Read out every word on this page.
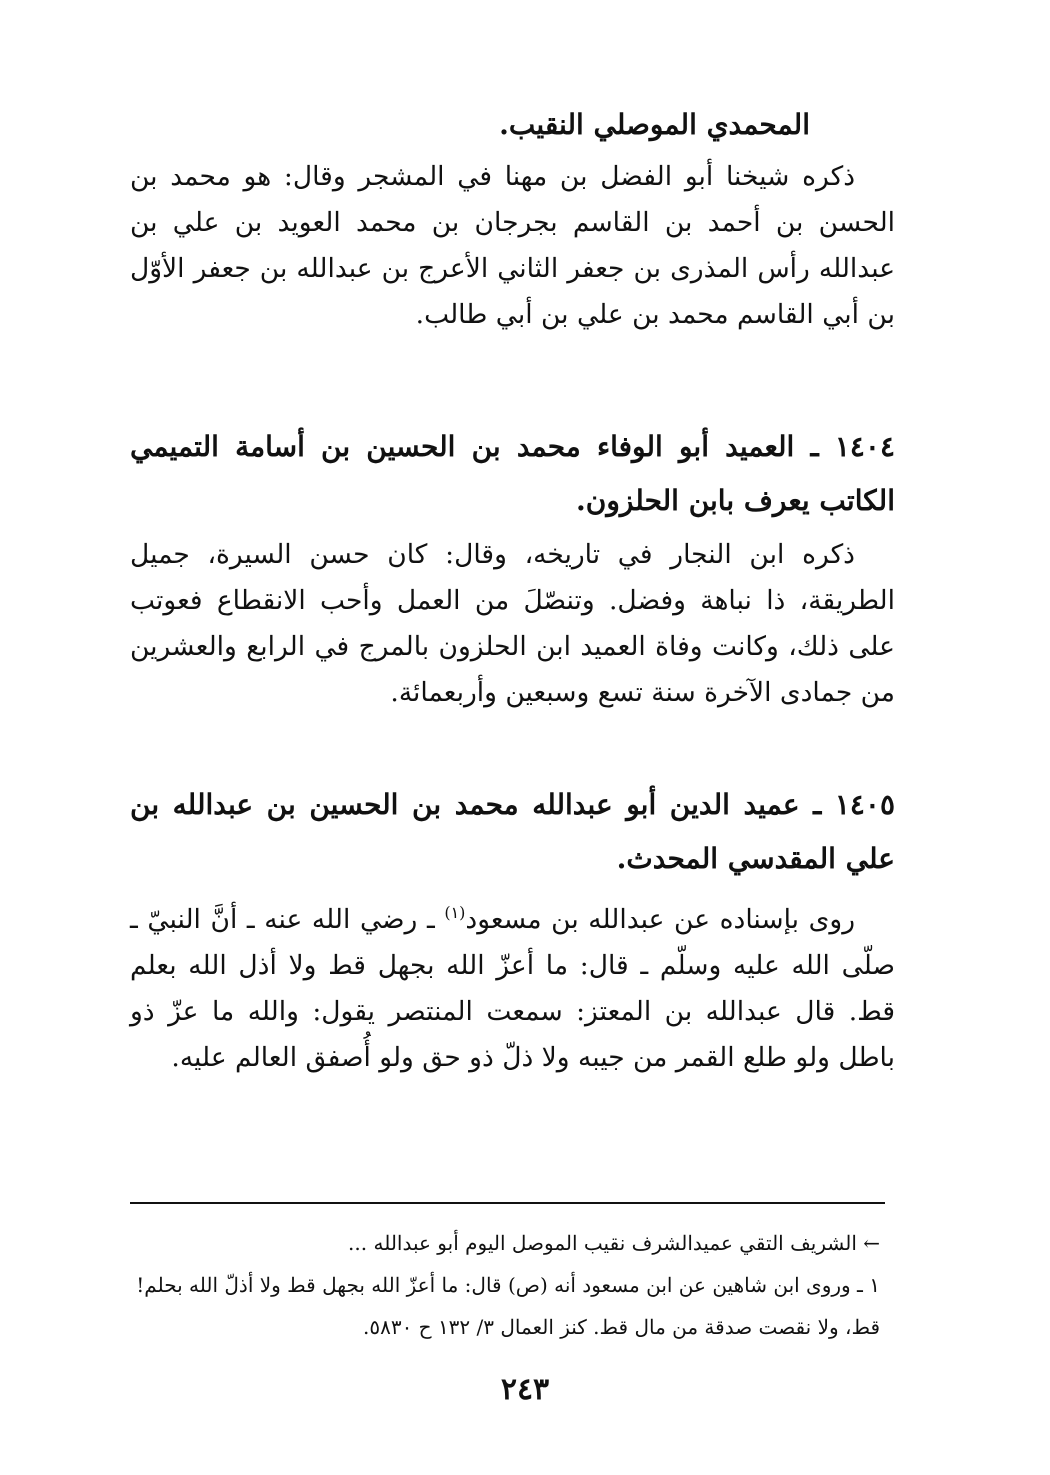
المحمدي الموصلي النقيب.

ذكره شيخنا أبو الفضل بن مهنا في المشجر وقال: هو محمد بن الحسن بن أحمد بن القاسم بجرجان بن محمد العويد بن علي بن عبدالله رأس المذرى بن جعفر الثاني الأعرج بن عبدالله بن جعفر الأوّل بن أبي القاسم محمد بن علي بن أبي طالب.

١٤٠٤ ـ العميد أبو الوفاء محمد بن الحسين بن أسامة التميمي الكاتب يعرف بابن الحلزون.

ذكره ابن النجار في تاريخه، وقال: كان حسن السيرة، جميل الطريقة، ذا نباهة وفضل. وتنصّلَ من العمل وأحب الانقطاع فعوتب على ذلك، وكانت وفاة العميد ابن الحلزون بالمرج في الرابع والعشرين من جمادى الآخرة سنة تسع وسبعين وأربعمائة.

١٤٠٥ ـ عميد الدين أبو عبدالله محمد بن الحسين بن عبدالله بن علي المقدسي المحدث.

روى بإسناده عن عبدالله بن مسعود$^{(١)}$ ـ رضي الله عنه ـ أنَّ النبيّ ـ صلّى الله عليه وسلّم ـ قال: ما أعزّ الله بجهل قط ولا أذل الله بعلم قط. قال عبدالله بن المعتز: سمعت المنتصر يقول: والله ما عزّ ذو باطل ولو طلع القمر من جيبه ولا ذلّ ذو حق ولو أُصفق العالم عليه.

← الشريف التقي عميدالشرف نقيب الموصل اليوم أبو عبدالله ...

١ ـ وروى ابن شاهين عن ابن مسعود أنه (ص) قال: ما أعزّ الله بجهل قط ولا أذلّ الله بحلم! قط، ولا نقصت صدقة من مال قط. كنز العمال ٣/ ١٣٢ ح ٥٨٣٠.

٢٤٣
